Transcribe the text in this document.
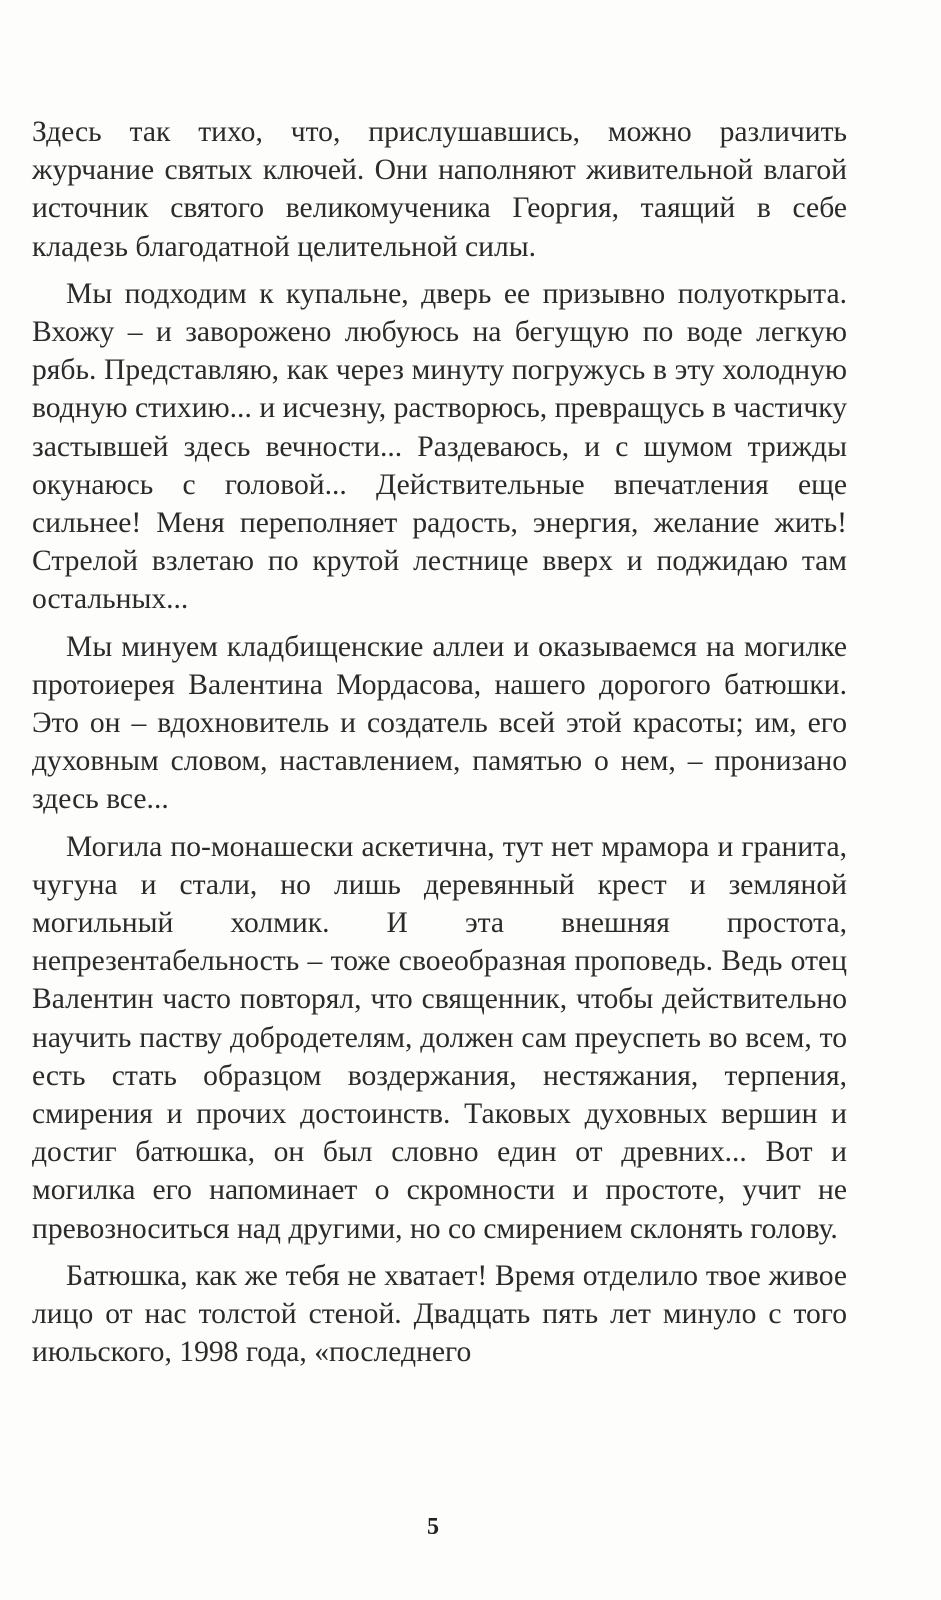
Здесь так тихо, что, прислушавшись, можно различить журчание святых ключей. Они наполняют живительной влагой источник святого великомученика Георгия, таящий в себе кладезь благодатной целительной силы.

Мы подходим к купальне, дверь ее призывно полуоткрыта. Вхожу – и заворожено любуюсь на бегущую по воде легкую рябь. Представляю, как через минуту погружусь в эту холодную водную стихию... и исчезну, растворюсь, превращусь в частичку застывшей здесь вечности... Раздеваюсь, и с шумом трижды окунаюсь с головой... Действительные впечатления еще сильнее! Меня переполняет радость, энергия, желание жить! Стрелой взлетаю по крутой лестнице вверх и поджидаю там остальных...

Мы минуем кладбищенские аллеи и оказываемся на могилке протоиерея Валентина Мордасова, нашего дорогого батюшки. Это он – вдохновитель и создатель всей этой красоты; им, его духовным словом, наставлением, памятью о нем, – пронизано здесь все...

Могила по-монашески аскетична, тут нет мрамора и гранита, чугуна и стали, но лишь деревянный крест и земляной могильный холмик. И эта внешняя простота, непрезентабельность – тоже своеобразная проповедь. Ведь отец Валентин часто повторял, что священник, чтобы действительно научить паству добродетелям, должен сам преуспеть во всем, то есть стать образцом воздержания, нестяжания, терпения, смирения и прочих достоинств. Таковых духовных вершин и достиг батюшка, он был словно един от древних... Вот и могилка его напоминает о скромности и простоте, учит не превозноситься над другими, но со смирением склонять голову.

Батюшка, как же тебя не хватает! Время отделило твое живое лицо от нас толстой стеной. Двадцать пять лет минуло с того июльского, 1998 года, «последнего

5
